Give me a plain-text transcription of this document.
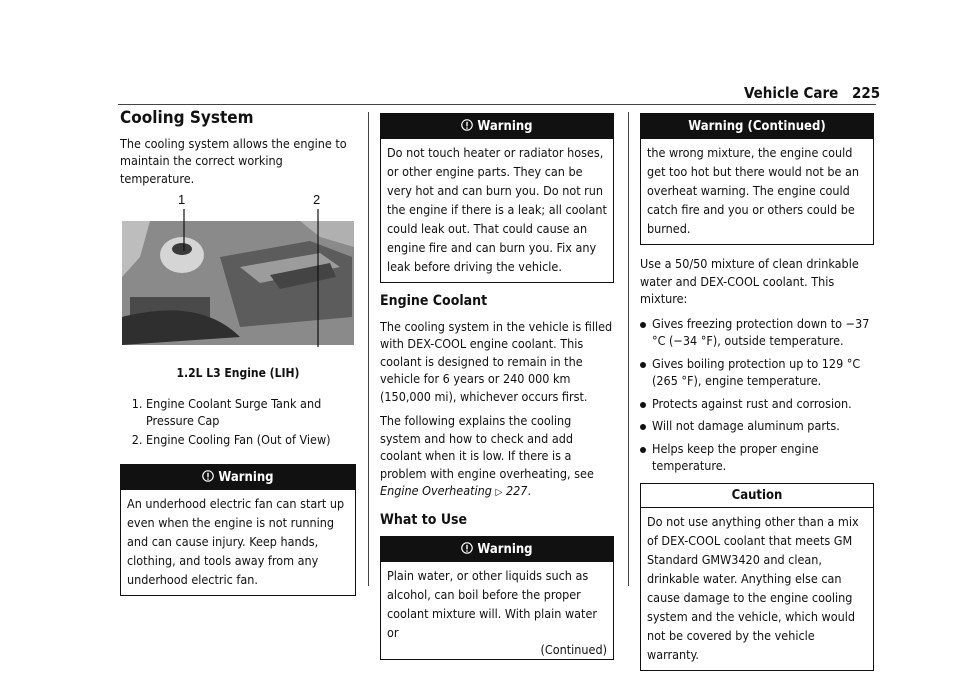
Vehicle Care 225
Cooling System

The cooling system allows the engine to maintain the correct working temperature.

1	2
1.2L L3 Engine (LIH)
1. Engine Coolant Surge Tank and Pressure Cap
2. Engine Cooling Fan (Out of View)
Warning
An underhood electric fan can start up even when the engine is not running and can cause injury. Keep hands, clothing, and tools away from any underhood electric fan.
Warning
Do not touch heater or radiator hoses, or other engine parts. They can be very hot and can burn you. Do not run the engine if there is a leak; all coolant could leak out. That could cause an engine fire and can burn you. Fix any leak before driving the vehicle.
Engine Coolant

The cooling system in the vehicle is filled with DEX-COOL engine coolant. This coolant is designed to remain in the vehicle for 6 years or 240 000 km (150,000 mi), whichever occurs first.

The following explains the cooling system and how to check and add coolant when it is low. If there is a problem with engine overheating, see Engine Overheating ▷ 227.

What to Use
Warning
Plain water, or other liquids such as alcohol, can boil before the proper coolant mixture will. With plain water or
(Continued)
Warning (Continued)
the wrong mixture, the engine could get too hot but there would not be an overheat warning. The engine could catch fire and you or others could be burned.

Use a 50/50 mixture of clean drinkable water and DEX-COOL coolant. This mixture:

Gives freezing protection down to −37 °C (−34 °F), outside temperature.
Gives boiling protection up to 129 °C (265 °F), engine temperature.
Protects against rust and corrosion.
Will not damage aluminum parts.
Helps keep the proper engine temperature.
Caution
Do not use anything other than a mix of DEX-COOL coolant that meets GM Standard GMW3420 and clean, drinkable water. Anything else can cause damage to the engine cooling system and the vehicle, which would not be covered by the vehicle warranty.
